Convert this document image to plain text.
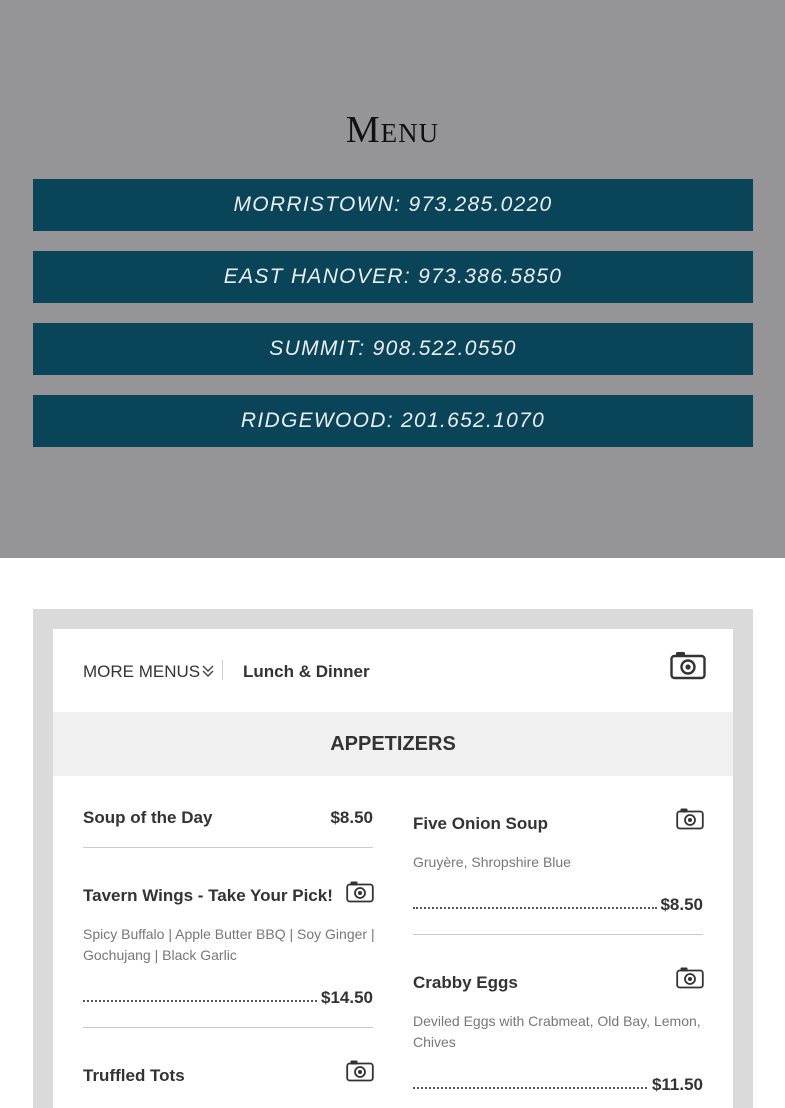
Menu
MORRISTOWN: 973.285.0220
EAST HANOVER: 973.386.5850
SUMMIT: 908.522.0550
RIDGEWOOD: 201.652.1070
MORE MENUS	Lunch & Dinner
APPETIZERS
Soup of the Day	$8.50
Tavern Wings - Take Your Pick!
Spicy Buffalo | Apple Butter BBQ | Soy Ginger |
Gochujang | Black Garlic
$14.50
Truffled Tots
Five Onion Soup
Gruyère, Shropshire Blue
$8.50
Crabby Eggs
Deviled Eggs with Crabmeat, Old Bay, Lemon,
Chives
$11.50
